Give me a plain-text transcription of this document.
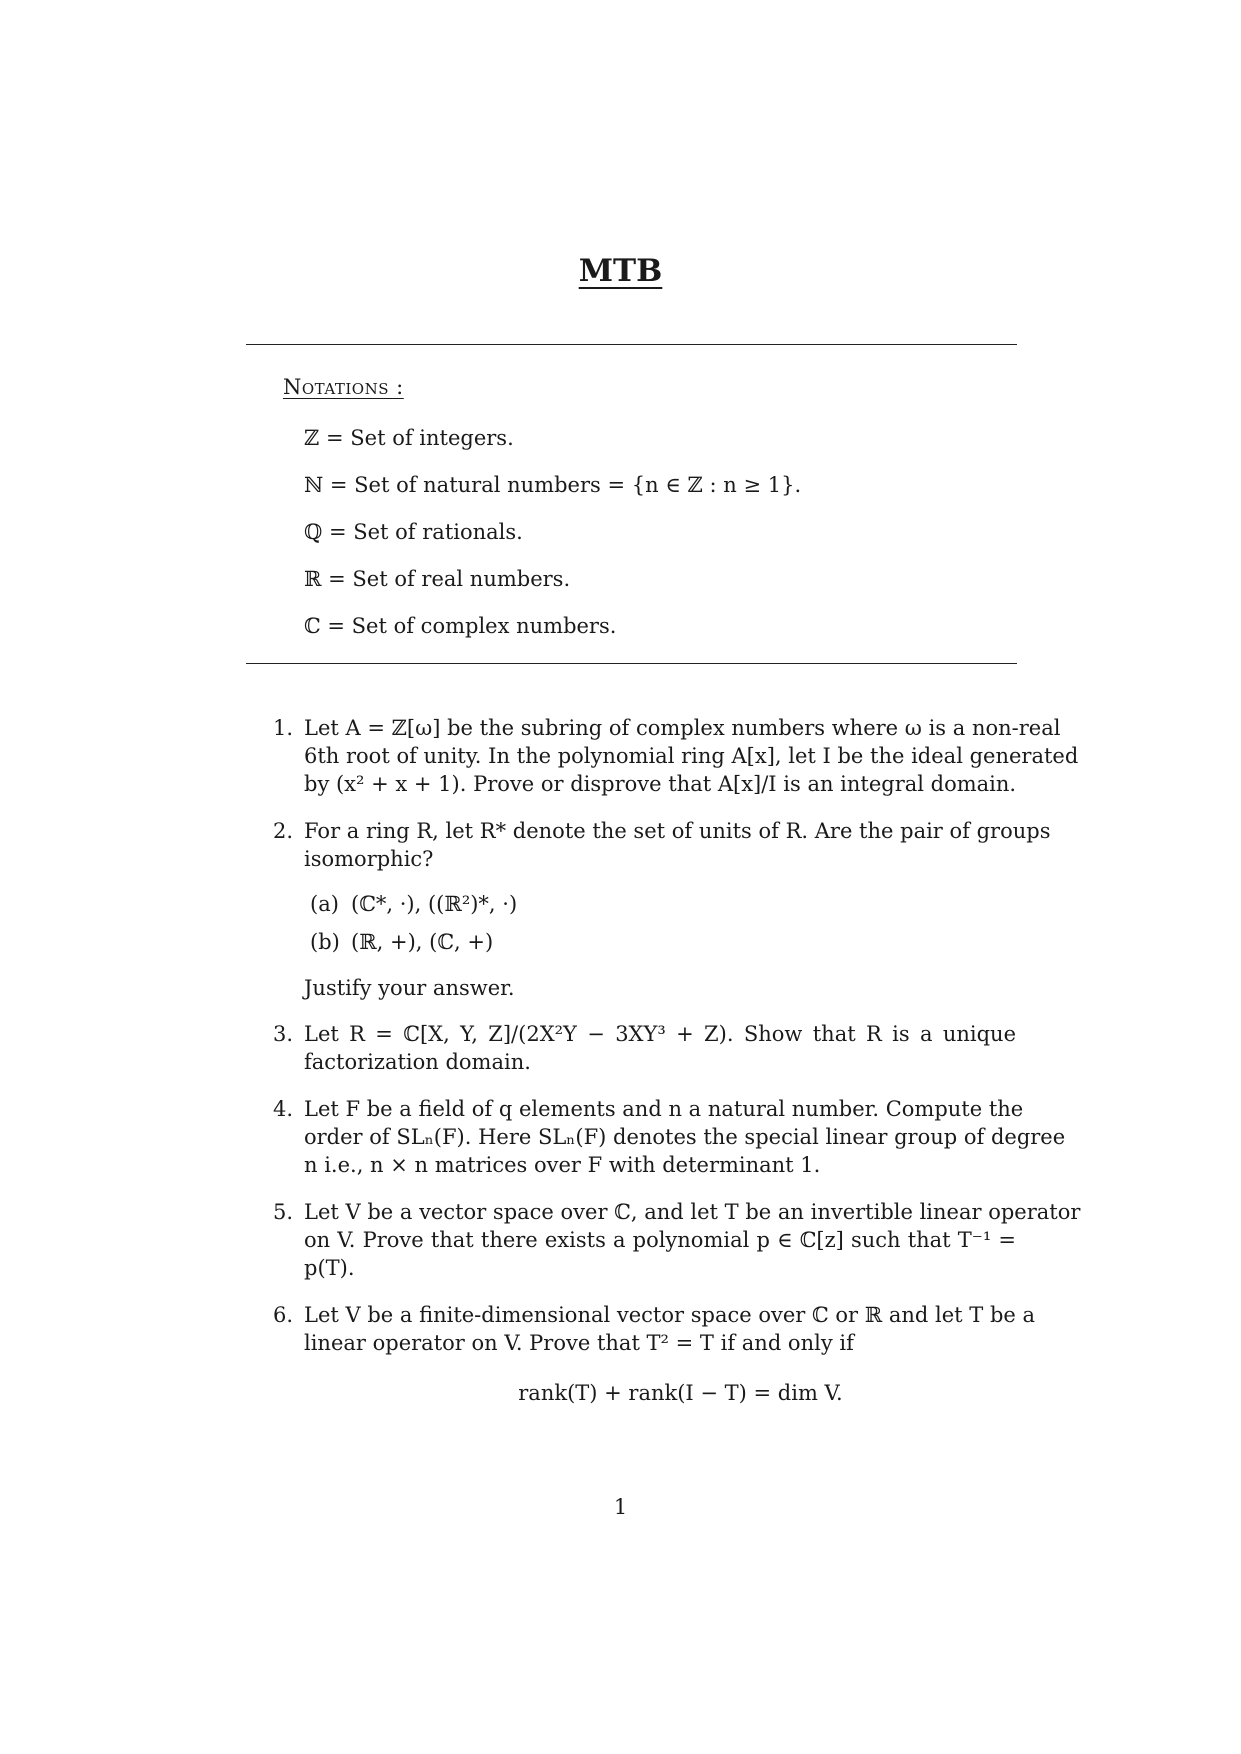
MTB
Notations :
ℤ = Set of integers.
ℕ = Set of natural numbers = {n ∈ ℤ : n ≥ 1}.
ℚ = Set of rationals.
ℝ = Set of real numbers.
ℂ = Set of complex numbers.
1. Let A = ℤ[ω] be the subring of complex numbers where ω is a non-real
6th root of unity. In the polynomial ring A[x], let I be the ideal generated
by (x² + x + 1). Prove or disprove that A[x]/I is an integral domain.
2. For a ring R, let R* denote the set of units of R. Are the pair of groups
isomorphic?
(a) (ℂ*, ·), ((ℝ²)*, ·)
(b) (ℝ, +), (ℂ, +)
Justify your answer.
3. Let R = ℂ[X, Y, Z]/(2X²Y − 3XY³ + Z). Show that R is a unique
factorization domain.
4. Let F be a field of q elements and n a natural number. Compute the
order of SLₙ(F). Here SLₙ(F) denotes the special linear group of degree
n i.e., n × n matrices over F with determinant 1.
5. Let V be a vector space over ℂ, and let T be an invertible linear operator
on V. Prove that there exists a polynomial p ∈ ℂ[z] such that T⁻¹ =
p(T).
6. Let V be a finite-dimensional vector space over ℂ or ℝ and let T be a
linear operator on V. Prove that T² = T if and only if
rank(T) + rank(I − T) = dim V.
1
